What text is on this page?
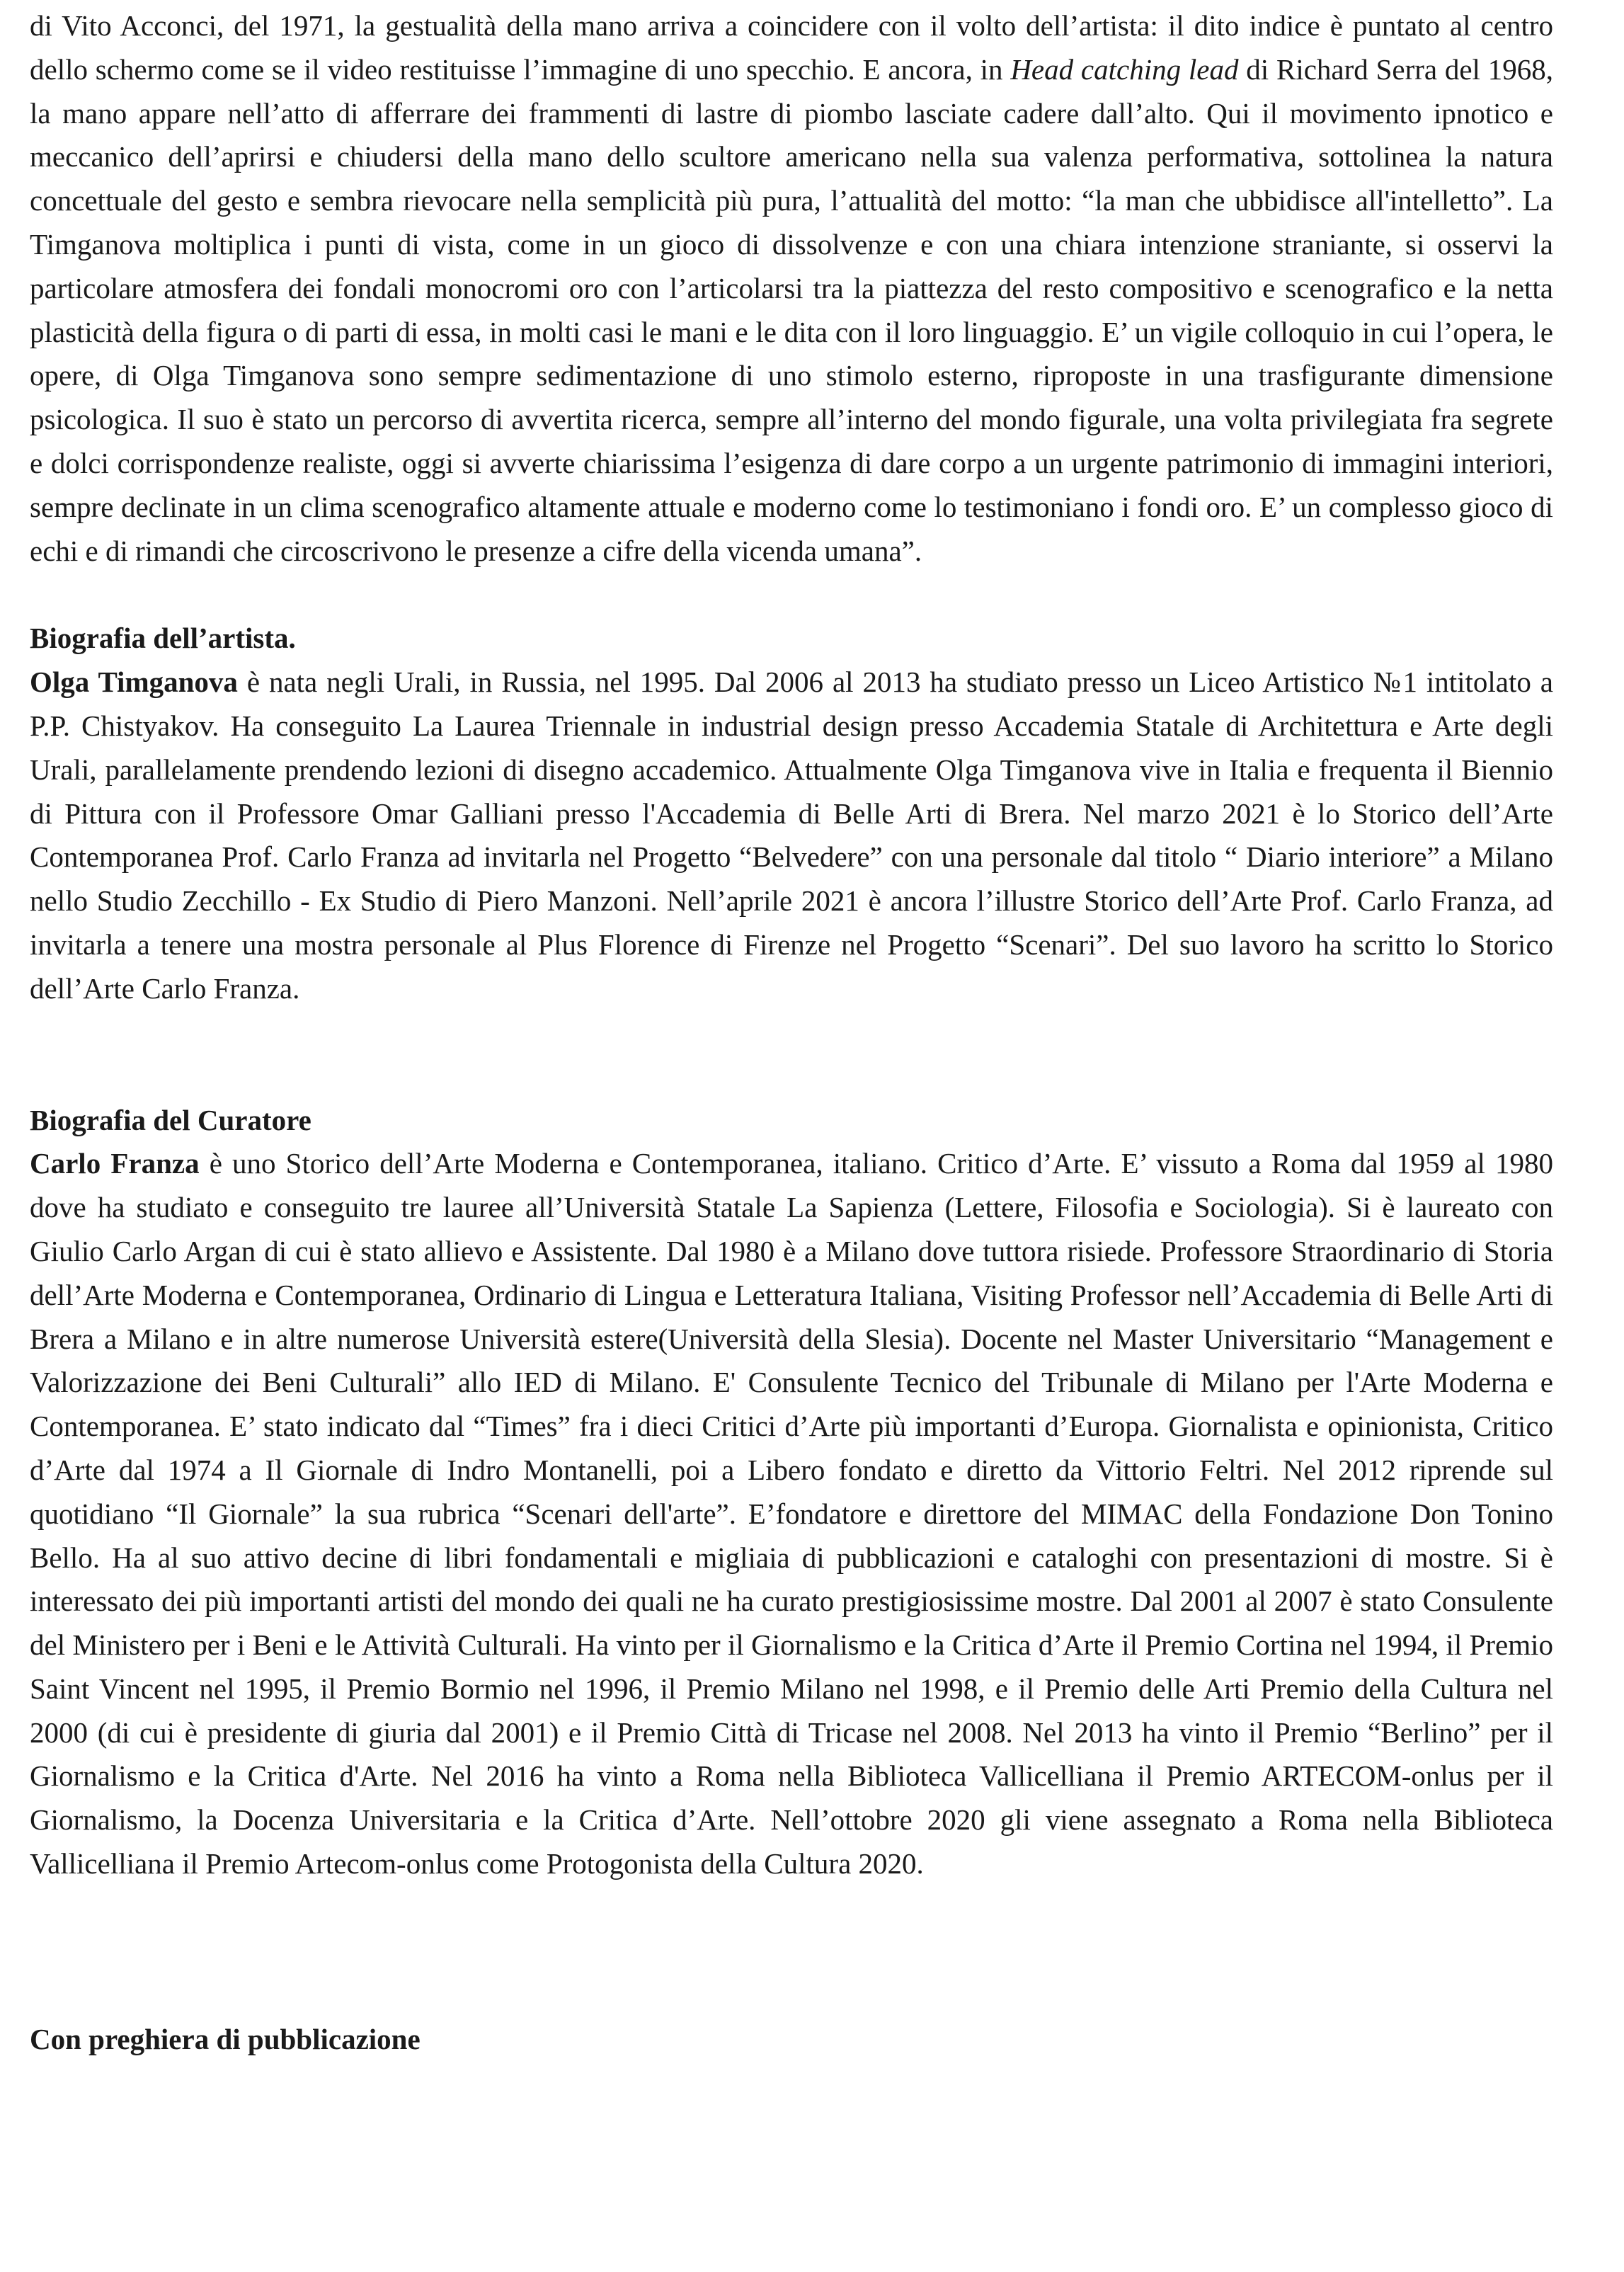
di Vito Acconci, del 1971, la gestualità della mano arriva a coincidere con il volto dell’artista: il dito indice è puntato al centro dello schermo come se il video restituisse l’immagine di uno specchio. E ancora, in Head catching lead di Richard Serra del 1968, la mano appare nell’atto di afferrare dei frammenti di lastre di piombo lasciate cadere dall’alto. Qui il movimento ipnotico e meccanico dell’aprirsi e chiudersi della mano dello scultore americano nella sua valenza performativa, sottolinea la natura concettuale del gesto e sembra rievocare nella semplicità più pura, l’attualità del motto: “la man che ubbidisce all'intelletto”. La Timganova moltiplica i punti di vista, come in un gioco di dissolvenze e con una chiara intenzione straniante, si osservi la particolare atmosfera dei fondali monocromi oro con l’articolarsi tra la piattezza del resto compositivo e scenografico e la netta plasticità della figura o di parti di essa, in molti casi le mani e le dita con il loro linguaggio. E’ un vigile colloquio in cui l’opera, le opere, di Olga Timganova sono sempre sedimentazione di uno stimolo esterno, riproposte in una trasfigurante dimensione psicologica. Il suo è stato un percorso di avvertita ricerca, sempre all’interno del mondo figurale, una volta privilegiata fra segrete e dolci corrispondenze realiste, oggi si avverte chiarissima l’esigenza di dare corpo a un urgente patrimonio di immagini interiori, sempre declinate in un clima scenografico altamente attuale e moderno come lo testimoniano i fondi oro. E’ un complesso gioco di echi e di rimandi che circoscrivono le presenze a cifre della vicenda umana”.

Biografia dell’artista.

Olga Timganova è nata negli Urali, in Russia, nel 1995. Dal 2006 al 2013 ha studiato presso un Liceo Artistico №1 intitolato a P.P. Chistyakov. Ha conseguito La Laurea Triennale in industrial design presso Accademia Statale di Architettura e Arte degli Urali, parallelamente prendendo lezioni di disegno accademico. Attualmente Olga Timganova vive in Italia e frequenta il Biennio di Pittura con il Professore Omar Galliani presso l'Accademia di Belle Arti di Brera. Nel marzo 2021 è lo Storico dell’Arte Contemporanea Prof. Carlo Franza ad invitarla nel Progetto “Belvedere” con una personale dal titolo “ Diario interiore” a Milano nello Studio Zecchillo - Ex Studio di Piero Manzoni. Nell’aprile 2021 è ancora l’illustre Storico dell’Arte Prof. Carlo Franza, ad invitarla a tenere una mostra personale al Plus Florence di Firenze nel Progetto “Scenari”. Del suo lavoro ha scritto lo Storico dell’Arte Carlo Franza.

Biografia del Curatore

Carlo Franza è uno Storico dell’Arte Moderna e Contemporanea, italiano. Critico d’Arte. E’ vissuto a Roma dal 1959 al 1980 dove ha studiato e conseguito tre lauree all’Università Statale La Sapienza (Lettere, Filosofia e Sociologia). Si è laureato con Giulio Carlo Argan di cui è stato allievo e Assistente. Dal 1980 è a Milano dove tuttora risiede. Professore Straordinario di Storia dell’Arte Moderna e Contemporanea, Ordinario di Lingua e Letteratura Italiana, Visiting Professor nell’Accademia di Belle Arti di Brera a Milano e in altre numerose Università estere(Università della Slesia). Docente nel Master Universitario “Management e Valorizzazione dei Beni Culturali” allo IED di Milano. E' Consulente Tecnico del Tribunale di Milano per l'Arte Moderna e Contemporanea. E’ stato indicato dal “Times” fra i dieci Critici d’Arte più importanti d’Europa. Giornalista e opinionista, Critico d’Arte dal 1974 a Il Giornale di Indro Montanelli, poi a Libero fondato e diretto da Vittorio Feltri. Nel 2012 riprende sul quotidiano “Il Giornale” la sua rubrica “Scenari dell'arte”. E’fondatore e direttore del MIMAC della Fondazione Don Tonino Bello. Ha al suo attivo decine di libri fondamentali e migliaia di pubblicazioni e cataloghi con presentazioni di mostre. Si è interessato dei più importanti artisti del mondo dei quali ne ha curato prestigiosissime mostre. Dal 2001 al 2007 è stato Consulente del Ministero per i Beni e le Attività Culturali. Ha vinto per il Giornalismo e la Critica d’Arte il Premio Cortina nel 1994, il Premio Saint Vincent nel 1995, il Premio Bormio nel 1996, il Premio Milano nel 1998, e il Premio delle Arti Premio della Cultura nel 2000 (di cui è presidente di giuria dal 2001) e il Premio Città di Tricase nel 2008. Nel 2013 ha vinto il Premio “Berlino” per il Giornalismo e la Critica d'Arte. Nel 2016 ha vinto a Roma nella Biblioteca Vallicelliana il Premio ARTECOM-onlus per il Giornalismo, la Docenza Universitaria e la Critica d’Arte. Nell’ottobre 2020 gli viene assegnato a Roma nella Biblioteca Vallicelliana il Premio Artecom-onlus come Protogonista della Cultura 2020.

Con preghiera di pubblicazione
